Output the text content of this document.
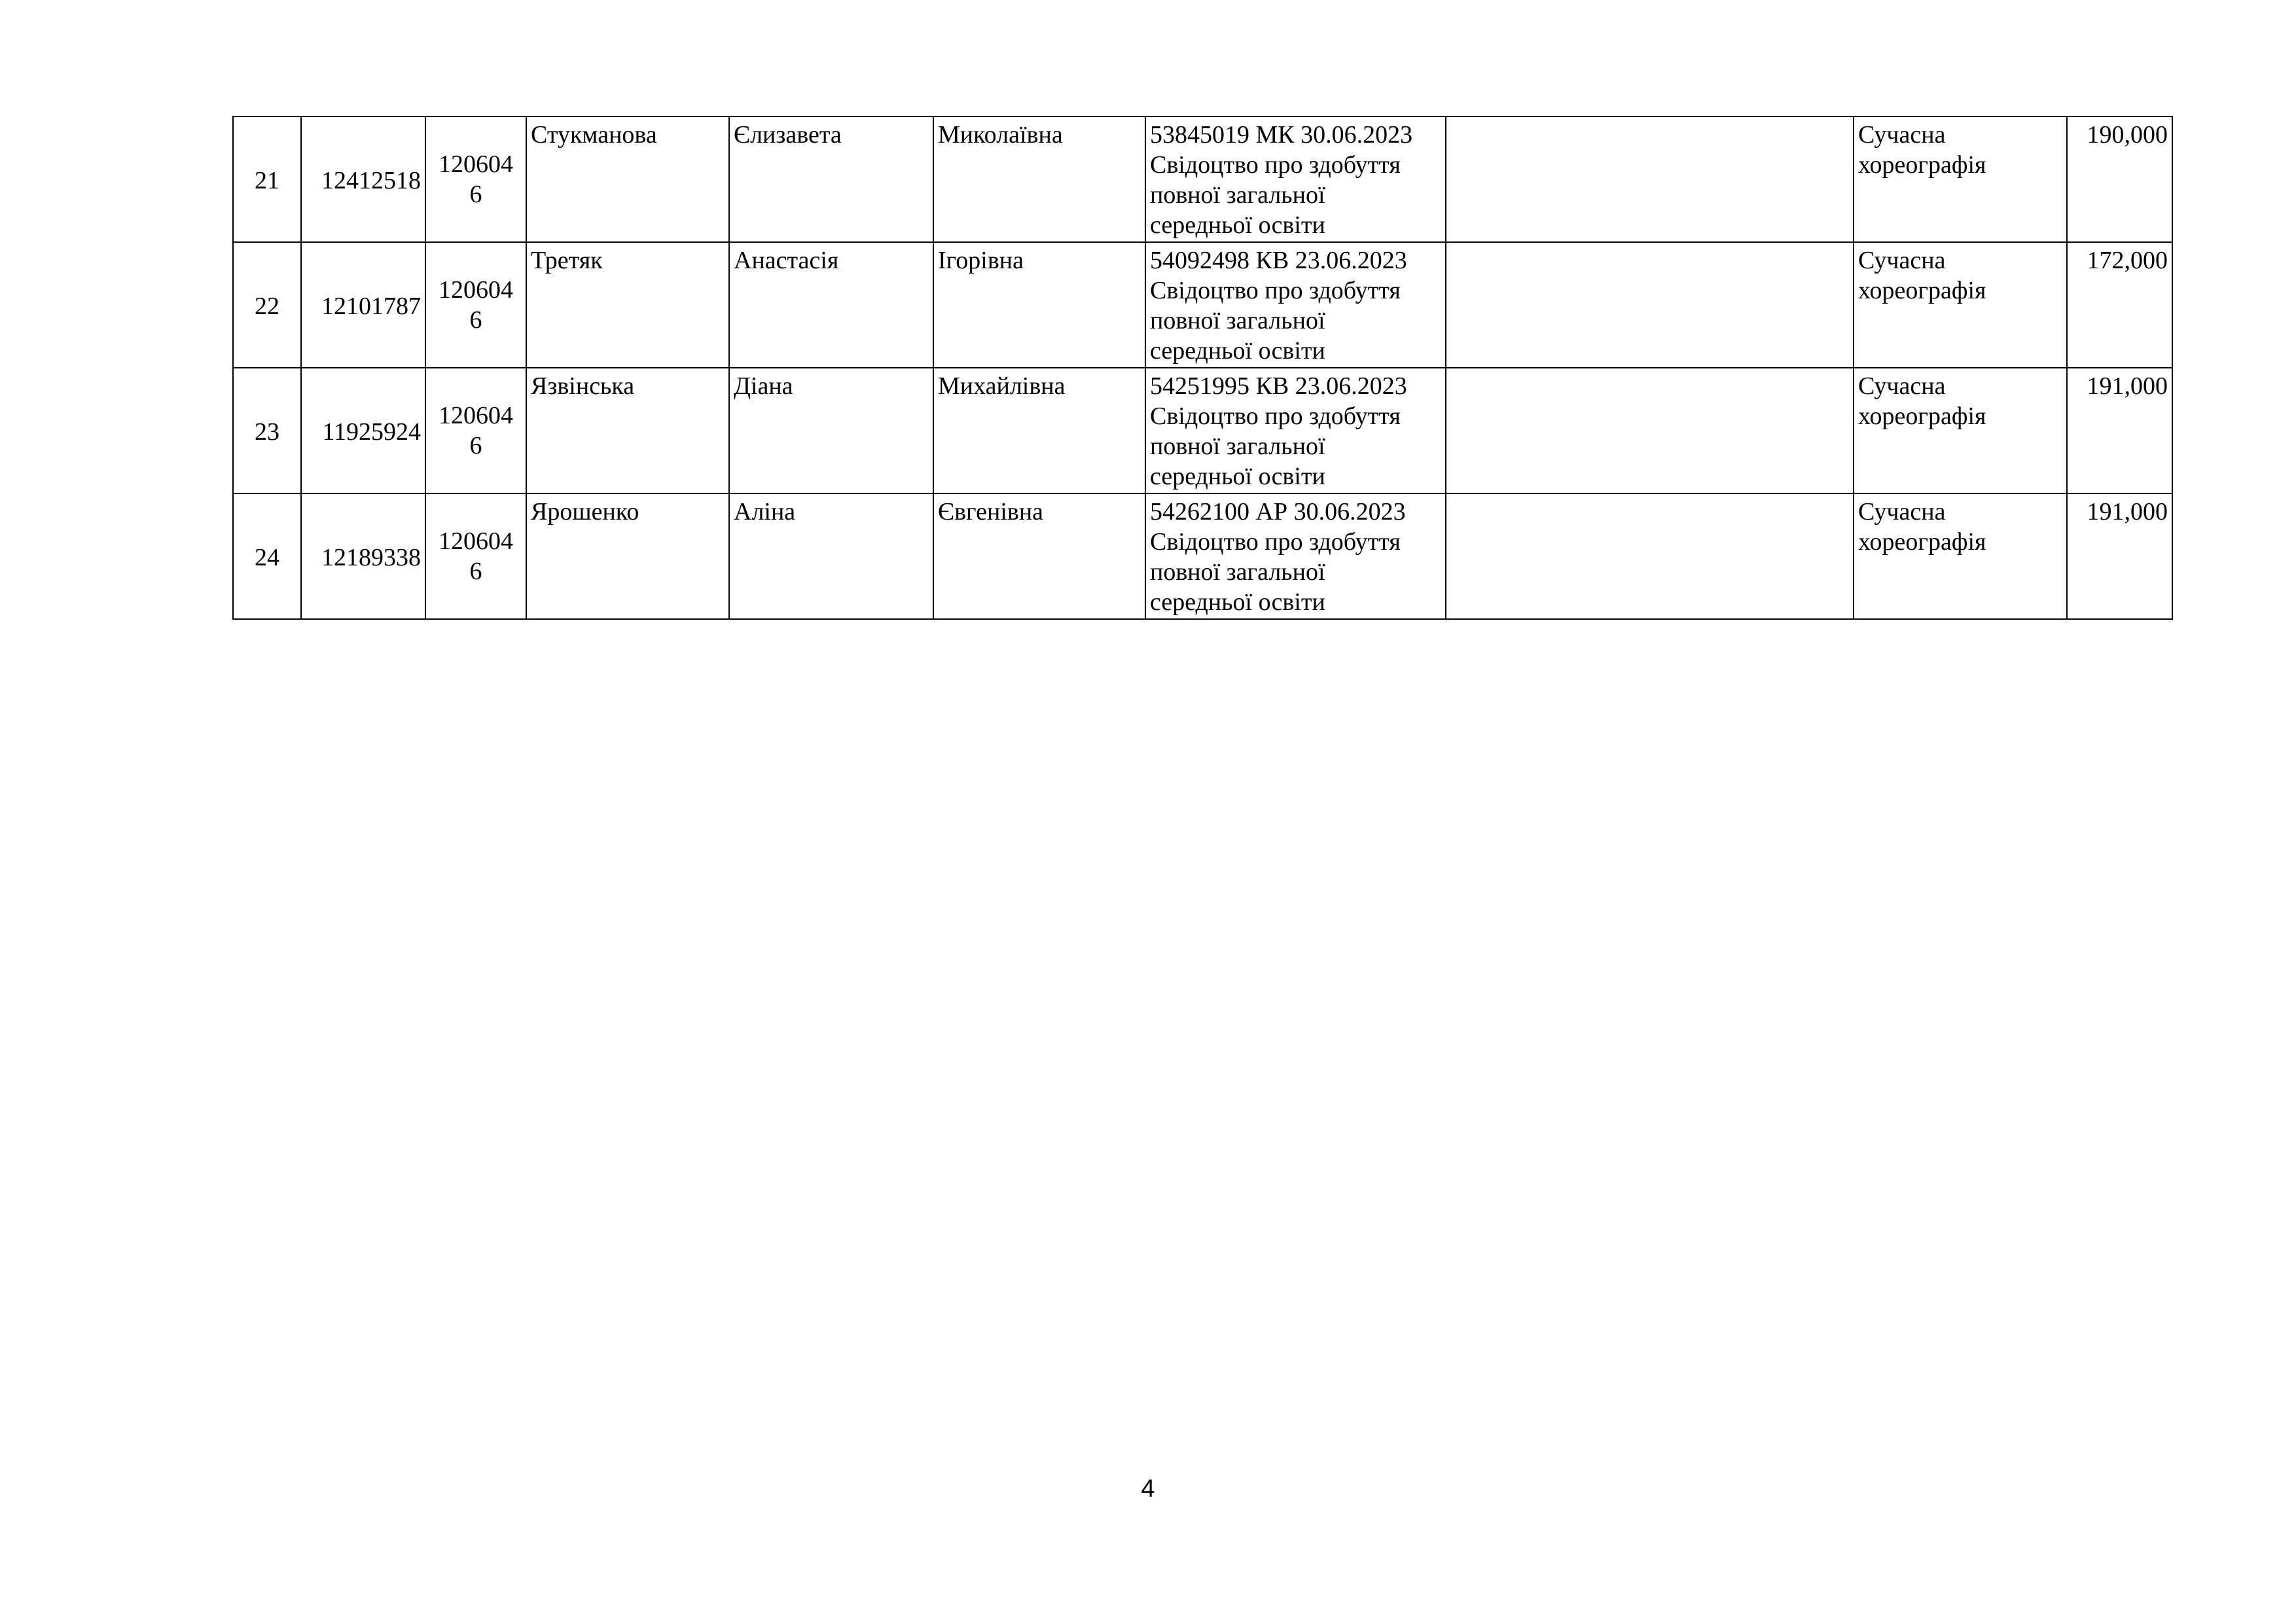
21	12412518	1206046	Стукманова	Єлизавета	Миколаївна	53845019 МК 30.06.2023
Свідоцтво про здобуття
повної загальної
середньої освіти		Сучасна хореографія	190,000
22	12101787	1206046	Третяк	Анастасія	Ігорівна	54092498 КВ 23.06.2023
Свідоцтво про здобуття
повної загальної
середньої освіти		Сучасна хореографія	172,000
23	11925924	1206046	Язвінська	Діана	Михайлівна	54251995 КВ 23.06.2023
Свідоцтво про здобуття
повної загальної
середньої освіти		Сучасна хореографія	191,000
24	12189338	1206046	Ярошенко	Аліна	Євгенівна	54262100 АР 30.06.2023
Свідоцтво про здобуття
повної загальної
середньої освіти		Сучасна хореографія	191,000
4
